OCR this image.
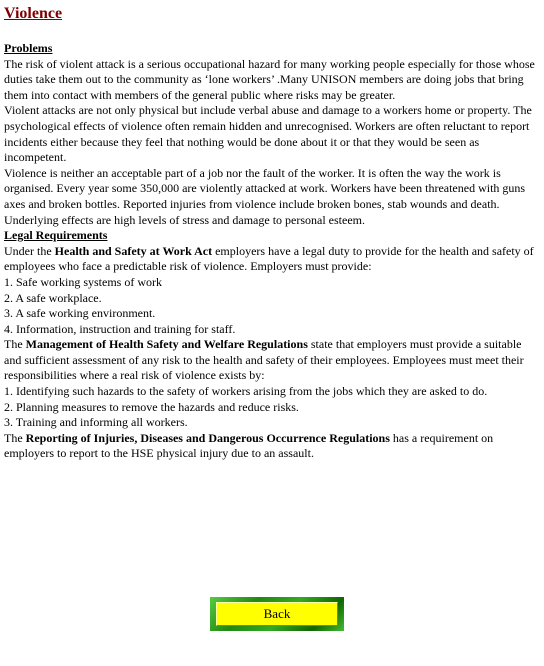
Violence
Problems

The risk of violent attack is a serious occupational hazard for many working people especially for those whose duties take them out to the community as ‘lone workers’ .Many UNISON members are doing jobs that bring them into contact with members of the general public where risks may be greater.

Violent attacks are not only physical but include verbal abuse and damage to a workers home or property. The psychological effects of violence often remain hidden and unrecognised. Workers are often reluctant to report incidents either because they feel that nothing would be done about it or that they would be seen as incompetent.

Violence is neither an acceptable part of a job nor the fault of the worker. It is often the way the work is organised. Every year some 350,000 are violently attacked at work. Workers have been threatened with guns axes and broken bottles. Reported injuries from violence include broken bones, stab wounds and death. Underlying effects are high levels of stress and damage to personal esteem.

Legal Requirements

Under the Health and Safety at Work Act employers have a legal duty to provide for the health and safety of employees who face a predictable risk of violence. Employers must provide:

1. Safe working systems of work

2. A safe workplace.

3. A safe working environment.

4. Information, instruction and training for staff.

The Management of Health Safety and Welfare Regulations state that employers must provide a suitable and sufficient assessment of any risk to the health and safety of their employees. Employees must meet their responsibilities where a real risk of violence exists by:

1. Identifying such hazards to the safety of workers arising from the jobs which they are asked to do.

2. Planning measures to remove the hazards and reduce risks.

3. Training and informing all workers.

The Reporting of Injuries, Diseases and Dangerous Occurrence Regulations has a requirement on employers to report to the HSE physical injury due to an assault.

Back
